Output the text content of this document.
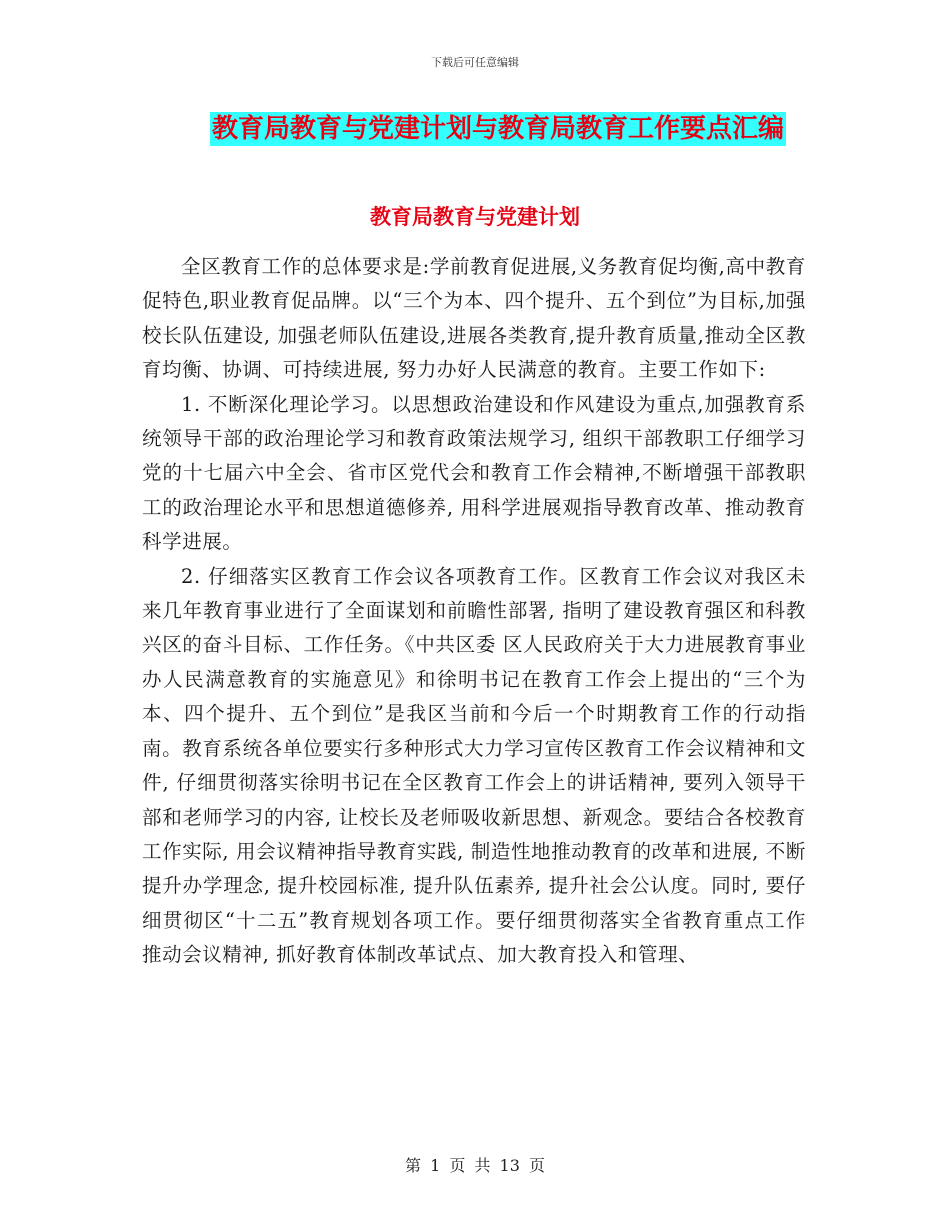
下载后可任意编辑
教育局教育与党建计划与教育局教育工作要点汇编
教育局教育与党建计划

全区教育工作的总体要求是:学前教育促进展,义务教育促均衡,高中教育促特色,职业教育促品牌。以“三个为本、四个提升、五个到位”为目标,加强校长队伍建设, 加强老师队伍建设,进展各类教育,提升教育质量,推动全区教育均衡、协调、可持续进展, 努力办好人民满意的教育。主要工作如下:

1. 不断深化理论学习。以思想政治建设和作风建设为重点,加强教育系统领导干部的政治理论学习和教育政策法规学习, 组织干部教职工仔细学习党的十七届六中全会、省市区党代会和教育工作会精神,不断增强干部教职工的政治理论水平和思想道德修养, 用科学进展观指导教育改革、推动教育科学进展。

2. 仔细落实区教育工作会议各项教育工作。区教育工作会议对我区未来几年教育事业进行了全面谋划和前瞻性部署, 指明了建设教育强区和科教兴区的奋斗目标、工作任务。《中共区委 区人民政府关于大力进展教育事业办人民满意教育的实施意见》和徐明书记在教育工作会上提出的“三个为本、四个提升、五个到位”是我区当前和今后一个时期教育工作的行动指南。教育系统各单位要实行多种形式大力学习宣传区教育工作会议精神和文件, 仔细贯彻落实徐明书记在全区教育工作会上的讲话精神, 要列入领导干部和老师学习的内容, 让校长及老师吸收新思想、新观念。要结合各校教育工作实际, 用会议精神指导教育实践, 制造性地推动教育的改革和进展, 不断提升办学理念, 提升校园标准, 提升队伍素养, 提升社会公认度。同时, 要仔细贯彻区“十二五”教育规划各项工作。要仔细贯彻落实全省教育重点工作推动会议精神, 抓好教育体制改革试点、加大教育投入和管理、

第 1 页 共 13 页
